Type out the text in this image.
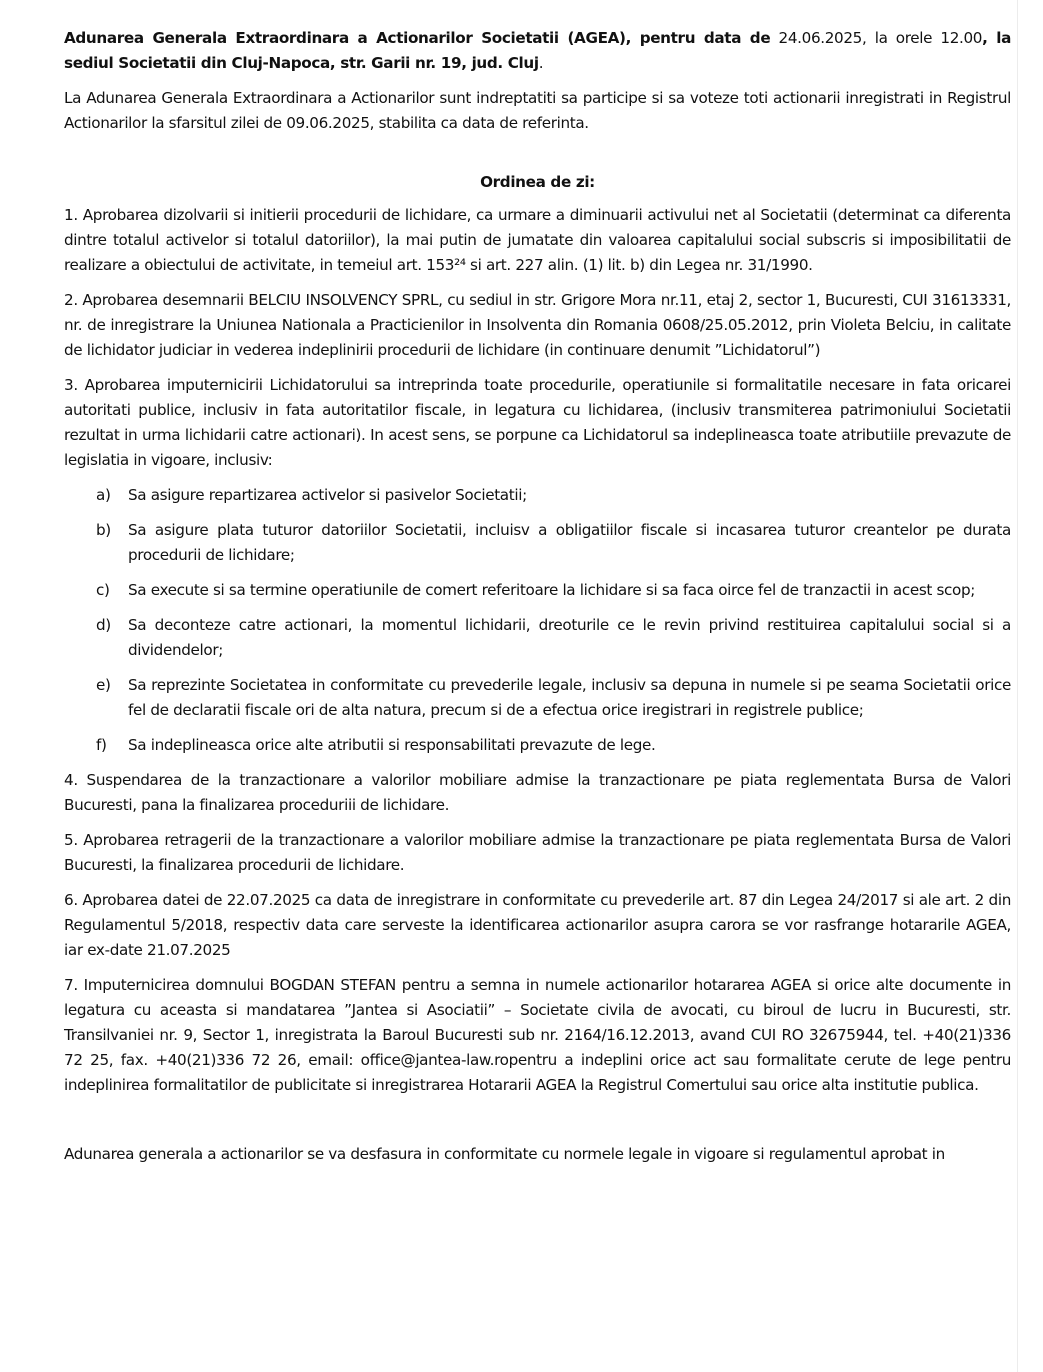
Adunarea Generala Extraordinara a Actionarilor Societatii (AGEA), pentru data de 24.06.2025, la orele 12.00, la sediul Societatii din Cluj-Napoca, str. Garii nr. 19, jud. Cluj.

La Adunarea Generala Extraordinara a Actionarilor sunt indreptatiti sa participe si sa voteze toti actionarii inregistrati in Registrul Actionarilor la sfarsitul zilei de 09.06.2025, stabilita ca data de referinta.

Ordinea de zi:

1. Aprobarea dizolvarii si initierii procedurii de lichidare, ca urmare a diminuarii activului net al Societatii (determinat ca diferenta dintre totalul activelor si totalul datoriilor), la mai putin de jumatate din valoarea capitalului social subscris si imposibilitatii de realizare a obiectului de activitate, in temeiul art. 153²⁴ si art. 227 alin. (1) lit. b) din Legea nr. 31/1990.

2. Aprobarea desemnarii BELCIU INSOLVENCY SPRL, cu sediul in str. Grigore Mora nr.11, etaj 2, sector 1, Bucuresti, CUI 31613331, nr. de inregistrare la Uniunea Nationala a Practicienilor in Insolventa din Romania 0608/25.05.2012, prin Violeta Belciu, in calitate de lichidator judiciar in vederea indeplinirii procedurii de lichidare (in continuare denumit ”Lichidatorul”)

3. Aprobarea imputernicirii Lichidatorului sa intreprinda toate procedurile, operatiunile si formalitatile necesare in fata oricarei autoritati publice, inclusiv in fata autoritatilor fiscale, in legatura cu lichidarea, (inclusiv transmiterea patrimoniului Societatii rezultat in urma lichidarii catre actionari). In acest sens, se porpune ca Lichidatorul sa indeplineasca toate atributiile prevazute de legislatia in vigoare, inclusiv:

a)	Sa asigure repartizarea activelor si pasivelor Societatii;
b)	Sa asigure plata tuturor datoriilor Societatii, incluisv a obligatiilor fiscale si incasarea tuturor creantelor pe durata procedurii de lichidare;
c)	Sa execute si sa termine operatiunile de comert referitoare la lichidare si sa faca oirce fel de tranzactii in acest scop;
d)	Sa deconteze catre actionari, la momentul lichidarii, dreoturile ce le revin privind restituirea capitalului social si a dividendelor;
e)	Sa reprezinte Societatea in conformitate cu prevederile legale, inclusiv sa depuna in numele si pe seama Societatii orice fel de declaratii fiscale ori de alta natura, precum si de a efectua orice iregistrari in registrele publice;
f)	Sa indeplineasca orice alte atributii si responsabilitati prevazute de lege.

4. Suspendarea de la tranzactionare a valorilor mobiliare admise la tranzactionare pe piata reglementata Bursa de Valori Bucuresti, pana la finalizarea proceduriii de lichidare.

5. Aprobarea retragerii de la tranzactionare a valorilor mobiliare admise la tranzactionare pe piata reglementata Bursa de Valori Bucuresti, la finalizarea procedurii de lichidare.

6. Aprobarea datei de 22.07.2025 ca data de inregistrare in conformitate cu prevederile art. 87 din Legea 24/2017 si ale art. 2 din Regulamentul 5/2018, respectiv data care serveste la identificarea actionarilor asupra carora se vor rasfrange hotararile AGEA, iar ex-date 21.07.2025

7. Imputernicirea domnului BOGDAN STEFAN pentru a semna in numele actionarilor hotararea AGEA si orice alte documente in legatura cu aceasta si mandatarea ”Jantea si Asociatii” – Societate civila de avocati, cu biroul de lucru in Bucuresti, str. Transilvaniei nr. 9, Sector 1, inregistrata la Baroul Bucuresti sub nr. 2164/16.12.2013, avand CUI RO 32675944, tel. +40(21)336 72 25, fax. +40(21)336 72 26, email: office@jantea-law.ropentru a indeplini orice act sau formalitate cerute de lege pentru indeplinirea formalitatilor de publicitate si inregistrarea Hotararii AGEA la Registrul Comertului sau orice alta institutie publica.

Adunarea generala a actionarilor se va desfasura in conformitate cu normele legale in vigoare si regulamentul aprobat in
